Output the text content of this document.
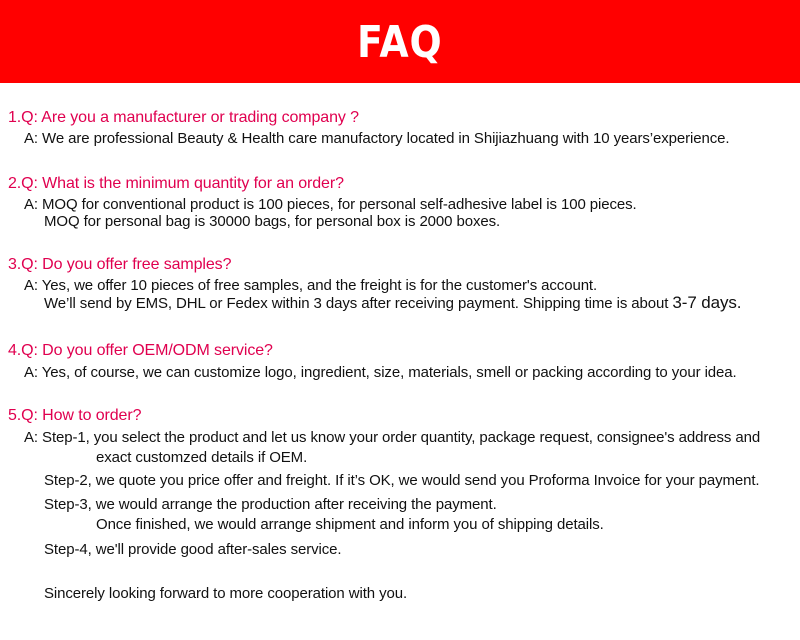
FAQ
1.Q: Are you a manufacturer or trading company ?
A: We are professional Beauty & Health care manufactory located in Shijiazhuang with 10 years’experience.
2.Q: What is the minimum quantity for an order?
A: MOQ for conventional product is 100 pieces, for personal self-adhesive label is 100 pieces.
MOQ for personal bag is 30000 bags, for personal box is 2000 boxes.
3.Q: Do you offer free samples?
A: Yes, we offer 10 pieces of free samples, and the freight is for the customer's account.
We’ll send by EMS, DHL or Fedex within 3 days after receiving payment. Shipping time is about 3-7 days.
4.Q: Do you offer OEM/ODM service?
A: Yes, of course, we can customize logo, ingredient, size, materials, smell or packing according to your idea.
5.Q: How to order?
A: Step-1, you select the product and let us know your order quantity, package request, consignee's address and
exact customzed details if OEM.
Step-2, we quote you price offer and freight. If it’s OK, we would send you Proforma Invoice for your payment.
Step-3, we would arrange the production after receiving the payment.
Once finished, we would arrange shipment and inform you of shipping details.
Step-4, we'll provide good after-sales service.
Sincerely looking forward to more cooperation with you.
